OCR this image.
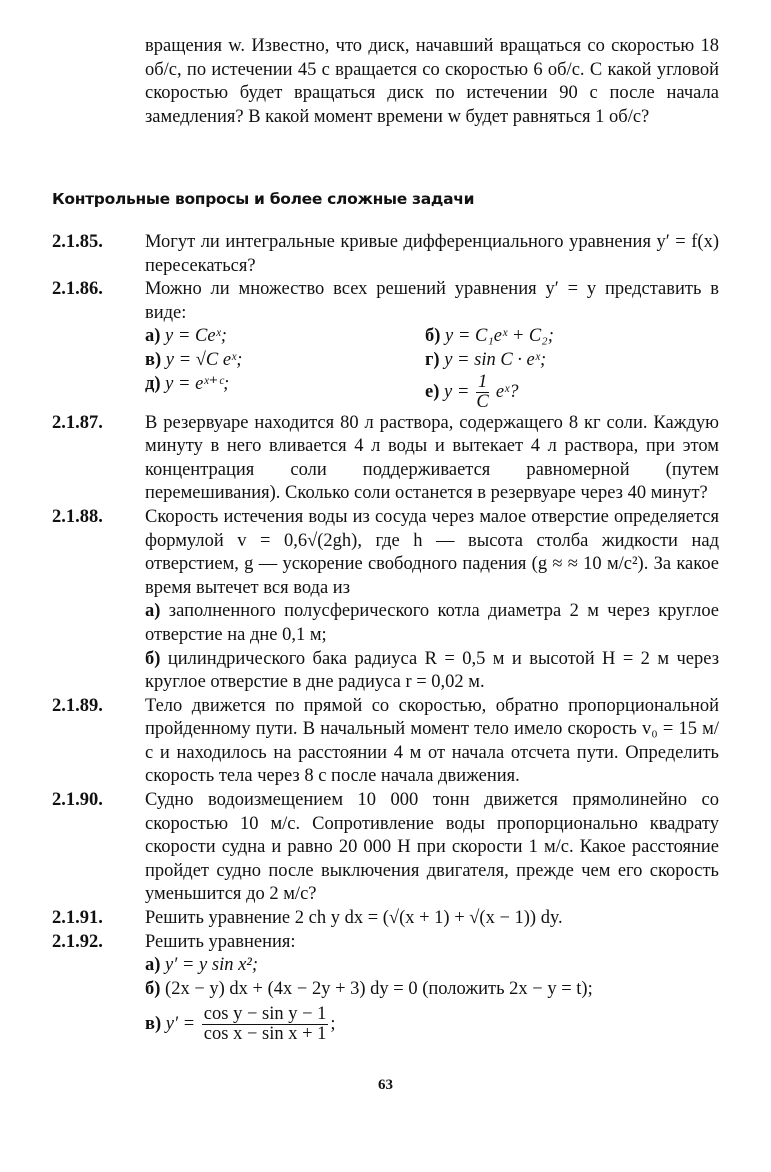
вращения w. Известно, что диск, начавший вращаться со скоростью 18 об/с, по истечении 45 с вращается со скоростью 6 об/с. С какой угловой скоростью будет вращаться диск по истечении 90 с после начала замедления? В какой момент времени w будет равняться 1 об/с?
Контрольные вопросы и более сложные задачи
2.1.85.	Могут ли интегральные кривые дифференциального уравнения y′ = f(x) пересекаться?
2.1.86.	Можно ли множество всех решений уравнения y′ = y представить в виде:
а) y = Ceˣ;	б) y = C₁eˣ + C₂;
в) y = √C eˣ;	г) y = sin C · eˣ;
д) y = eˣ⁺ᶜ;	е) $y = \frac{1}{C}$ eˣ?
2.1.87.	В резервуаре находится 80 л раствора, содержащего 8 кг соли. Каждую минуту в него вливается 4 л воды и вытекает 4 л раствора, при этом концентрация соли поддерживается равномерной (путем перемешивания). Сколько соли останется в резервуаре через 40 минут?
2.1.88.	Скорость истечения воды из сосуда через малое отверстие определяется формулой v = 0,6√(2gh), где h — высота столба жидкости над отверстием, g — ускорение свободного падения (g ≈ ≈ 10 м/с²). За какое время вытечет вся вода из
а) заполненного полусферического котла диаметра 2 м через круглое отверстие на дне 0,1 м;
б) цилиндрического бака радиуса R = 0,5 м и высотой H = 2 м через круглое отверстие в дне радиуса r = 0,02 м.
2.1.89.	Тело движется по прямой со скоростью, обратно пропорциональной пройденному пути. В начальный момент тело имело скорость v₀ = 15 м/с и находилось на расстоянии 4 м от начала отсчета пути. Определить скорость тела через 8 с после начала движения.
2.1.90.	Судно водоизмещением 10 000 тонн движется прямолинейно со скоростью 10 м/с. Сопротивление воды пропорционально квадрату скорости судна и равно 20 000 Н при скорости 1 м/с. Какое расстояние пройдет судно после выключения двигателя, прежде чем его скорость уменьшится до 2 м/с?
2.1.91.	Решить уравнение 2 ch y dx = (√(x + 1) + √(x − 1)) dy.
2.1.92.	Решить уравнения:
а) y′ = y sin x²;
б) (2x − y) dx + (4x − 2y + 3) dy = 0 (положить 2x − y = t);
в) $y' = \frac{\text{cos y − sin y − 1}}{\text{cos x − sin x + 1}}$ ;
63
